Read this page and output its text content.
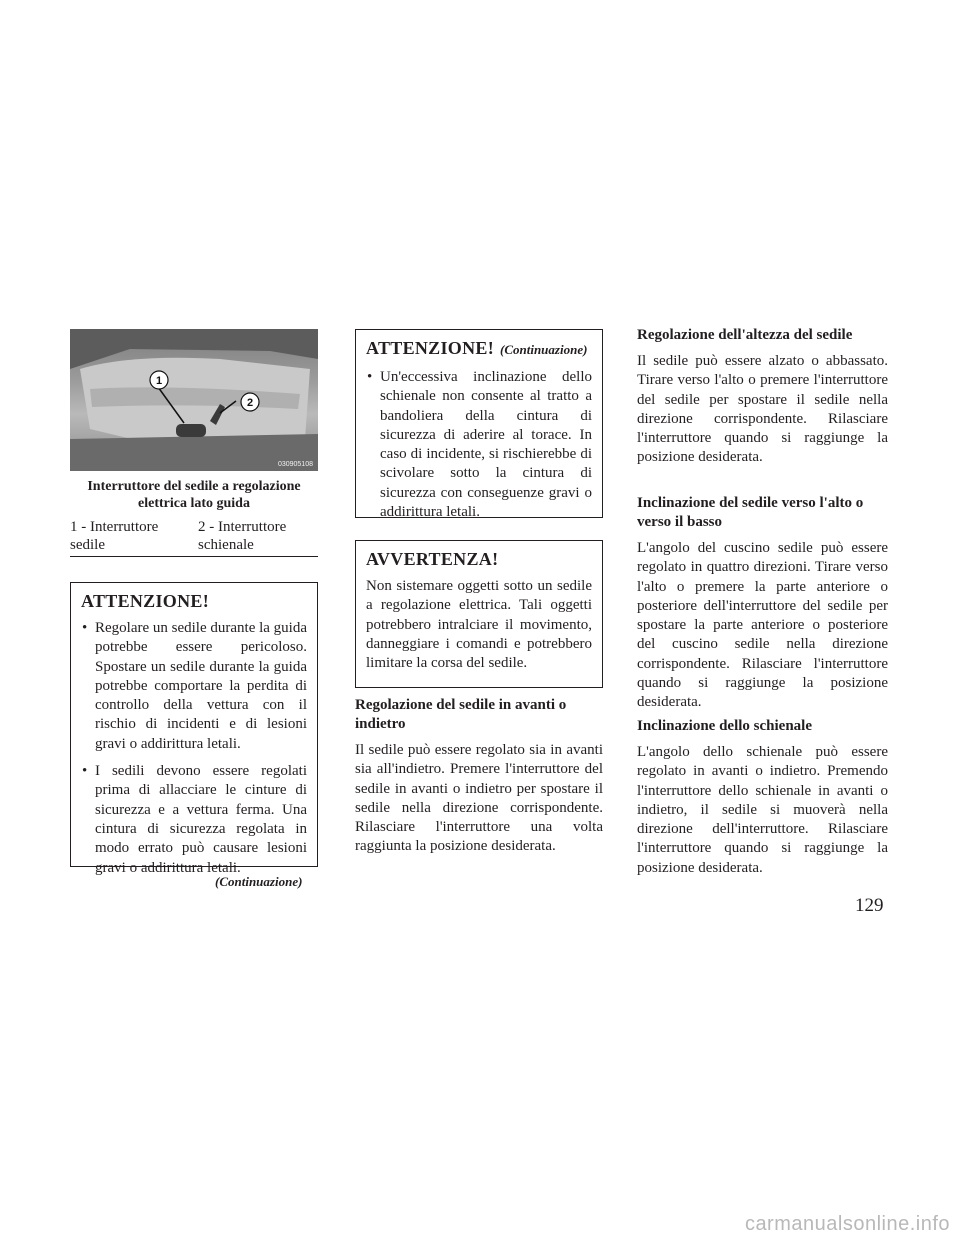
1
2
030905108
Interruttore del sedile a regolazione elettrica lato guida
1 - Interruttore sedile
2 - Interruttore schienale
ATTENZIONE!
• Regolare un sedile durante la guida potrebbe essere pericoloso. Spostare un sedile durante la guida potrebbe comportare la perdita di controllo della vettura con il rischio di incidenti e di lesioni gravi o addirittura letali.
• I sedili devono essere regolati prima di allacciare le cinture di sicurezza e a vettura ferma. Una cintura di sicurezza regolata in modo errato può causare lesioni gravi o addirittura letali.
(Continuazione)
ATTENZIONE! (Continuazione)
• Un'eccessiva inclinazione dello schienale non consente al tratto a bandoliera della cintura di sicurezza di aderire al torace. In caso di incidente, si rischierebbe di scivolare sotto la cintura di sicurezza con conseguenze gravi o addirittura letali.
AVVERTENZA!

Non sistemare oggetti sotto un sedile a regolazione elettrica. Tali oggetti potrebbero intralciare il movimento, danneggiare i comandi e potrebbero limitare la corsa del sedile.

Regolazione del sedile in avanti o indietro

Il sedile può essere regolato sia in avanti sia all'indietro. Premere l'interruttore del sedile in avanti o indietro per spostare il sedile nella direzione corrispondente. Rilasciare l'interruttore una volta raggiunta la posizione desiderata.

Regolazione dell'altezza del sedile

Il sedile può essere alzato o abbassato. Tirare verso l'alto o premere l'interruttore del sedile per spostare il sedile nella direzione corrispondente. Rilasciare l'interruttore quando si raggiunge la posizione desiderata.

Inclinazione del sedile verso l'alto o verso il basso

L'angolo del cuscino sedile può essere regolato in quattro direzioni. Tirare verso l'alto o premere la parte anteriore o posteriore dell'interruttore del sedile per spostare la parte anteriore o posteriore del cuscino sedile nella direzione corrispondente. Rilasciare l'interruttore quando si raggiunge la posizione desiderata.

Inclinazione dello schienale

L'angolo dello schienale può essere regolato in avanti o indietro. Premendo l'interruttore dello schienale in avanti o indietro, il sedile si muoverà nella direzione dell'interruttore. Rilasciare l'interruttore quando si raggiunge la posizione desiderata.

129
carmanualsonline.info
